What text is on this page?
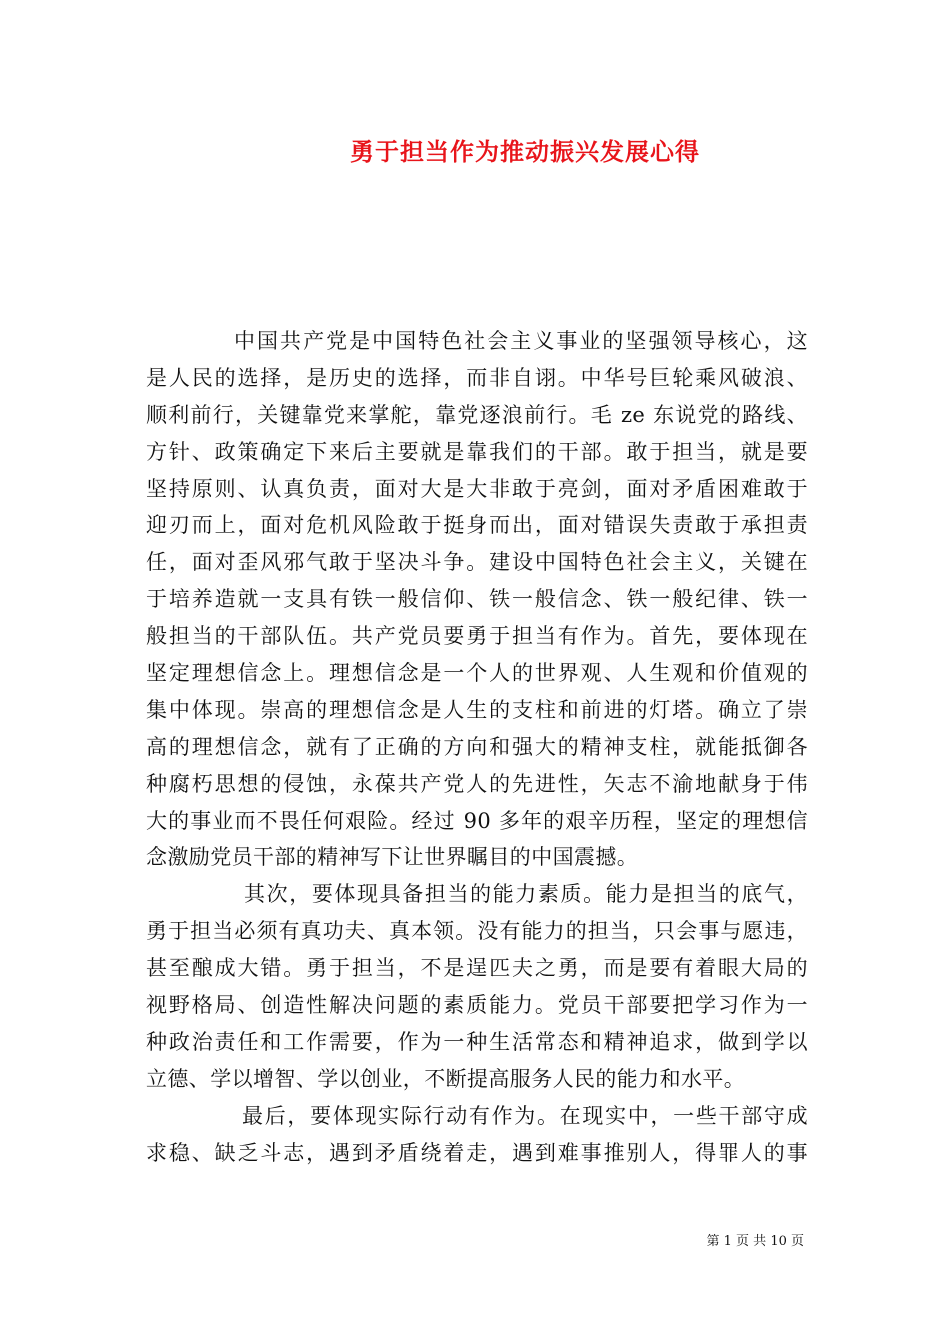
勇于担当作为推动振兴发展心得
中国共产党是中国特色社会主义事业的坚强领导核心，这
是人民的选择，是历史的选择，而非自诩。中华号巨轮乘风破浪、
顺利前行，关键靠党来掌舵，靠党逐浪前行。毛 ze 东说党的路线、
方针、政策确定下来后主要就是靠我们的干部。敢于担当，就是要
坚持原则、认真负责，面对大是大非敢于亮剑，面对矛盾困难敢于
迎刃而上，面对危机风险敢于挺身而出，面对错误失责敢于承担责
任，面对歪风邪气敢于坚决斗争。建设中国特色社会主义，关键在
于培养造就一支具有铁一般信仰、铁一般信念、铁一般纪律、铁一
般担当的干部队伍。共产党员要勇于担当有作为。首先，要体现在
坚定理想信念上。理想信念是一个人的世界观、人生观和价值观的
集中体现。崇高的理想信念是人生的支柱和前进的灯塔。确立了崇
高的理想信念，就有了正确的方向和强大的精神支柱，就能抵御各
种腐朽思想的侵蚀，永葆共产党人的先进性，矢志不渝地献身于伟
大的事业而不畏任何艰险。经过 90 多年的艰辛历程，坚定的理想信
念激励党员干部的精神写下让世界瞩目的中国震撼。
其次，要体现具备担当的能力素质。能力是担当的底气，
勇于担当必须有真功夫、真本领。没有能力的担当，只会事与愿违，
甚至酿成大错。勇于担当，不是逞匹夫之勇，而是要有着眼大局的
视野格局、创造性解决问题的素质能力。党员干部要把学习作为一
种政治责任和工作需要，作为一种生活常态和精神追求，做到学以
立德、学以增智、学以创业，不断提高服务人民的能力和水平。
最后，要体现实际行动有作为。在现实中，一些干部守成
求稳、缺乏斗志，遇到矛盾绕着走，遇到难事推别人，得罪人的事
第 1 页 共 10 页
